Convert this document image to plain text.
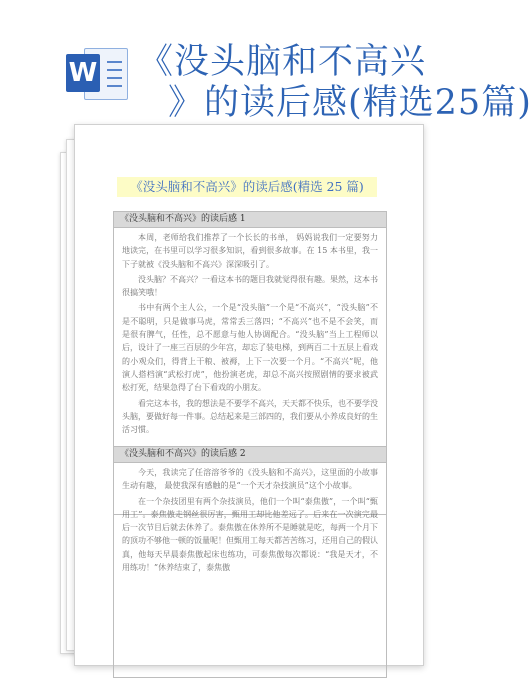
W 《没头脑和不高兴
》的读后感(精选25篇)
《没头脑和不高兴》的读后感(精选 25 篇)
《没头脑和不高兴》的读后感 1

本周，老师给我们推荐了一个长长的书单， 妈妈说我们一定要努力地读完，在书里可以学习很多知识，看到很多故事。在 15 本书里，我一下子就被《没头脑和不高兴》深深吸引了。

没头脑？不高兴？一看这本书的题目我就觉得很有趣。果然，这本书很搞笑哦！

书中有两个主人公，一个是“没头脑”一个是“不高兴”，“没头脑”不是不聪明，只是做事马虎，常常丢三落四；“不高兴”也不是不会笑，而是很有脾气，任性，总不愿意与他人协调配合。“没头脑”当上工程师以后，设计了一座三百层的少年宫，却忘了装电梯，到两百二十五层上看戏的小观众们，得背上干粮、被褥，上下一次要一个月。“不高兴”呢，他演人搭档演“武松打虎”，他扮演老虎，却总不高兴按照剧情的要求被武松打死，结果急得了台下看戏的小朋友。

看完这本书，我的想法是不要学不高兴，天天都不快乐，也不要学没头脑，要做好每一件事。总结起来是三部四的，我们要从小养成良好的生活习惯。

《没头脑和不高兴》的读后感 2

今天，我读完了任溶溶爷爷的《没头脑和不高兴》，这里面的小故事生动有趣， 最使我深有感触的是“一个天才杂技演员”这个小故事。

在一个杂技团里有两个杂技演员，他们一个叫“泰焦傲”，一个叫“甄用工”。泰焦傲走钢丝很厉害，甄用工却比他差远了。后来在一次演完最后一次节目后就去休养了。泰焦傲在休养所不是睡就是吃，每两一个月下的顶功不够他一顿的饭量呢！但甄用工每天都苦苦练习，还用自己的假认真，他每天早晨泰焦傲起床也练功，可泰焦傲每次都说：“我是天才，不用练功！”休养结束了，泰焦傲
